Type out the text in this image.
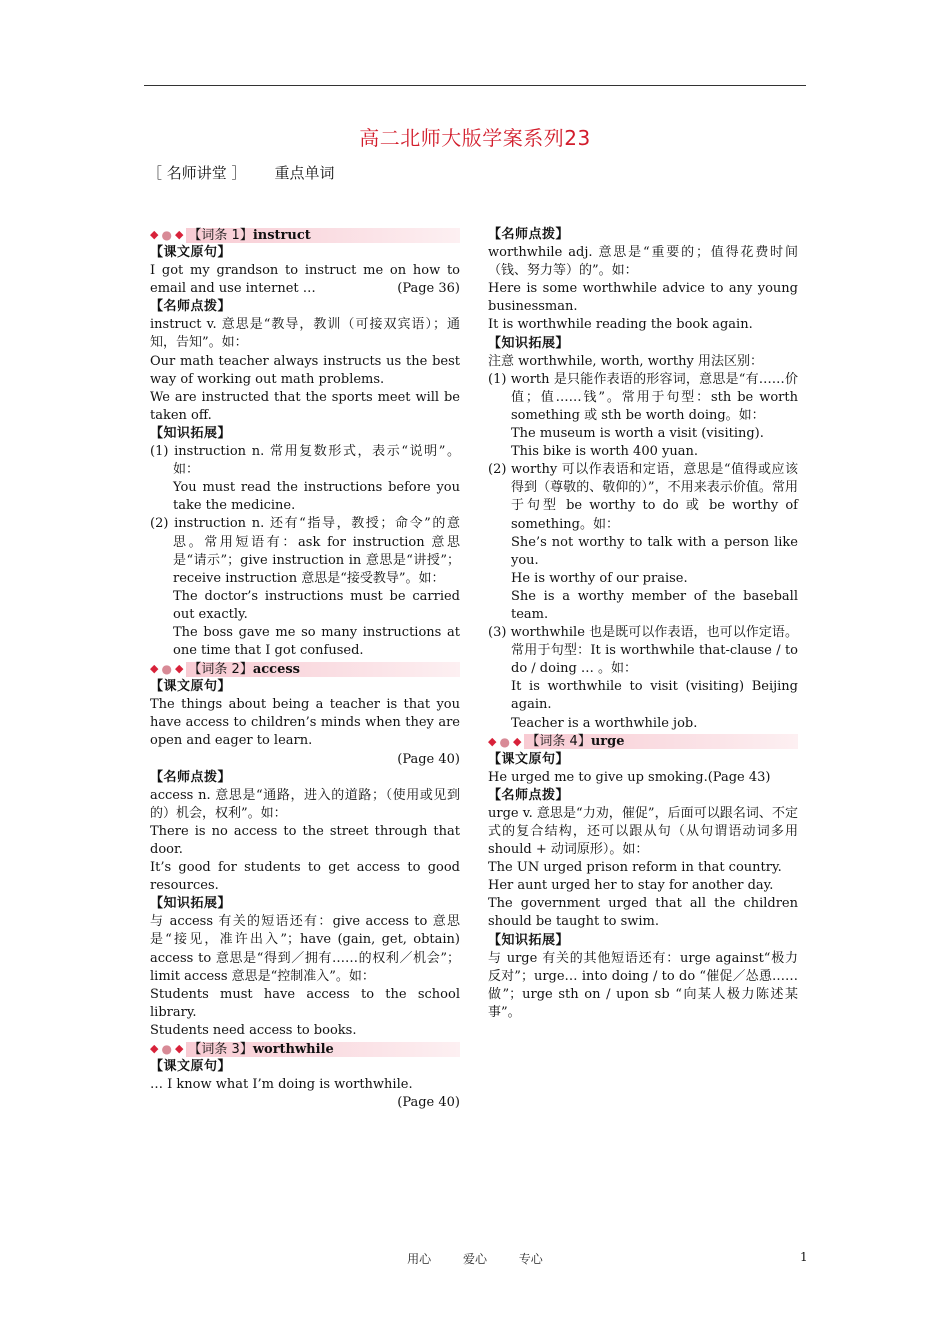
高二北师大版学案系列23
［ 名师讲堂 ］ 重点单词
◆ ● ◆ 【词条 1】instruct
【课文原句】

I got my grandson to instruct me on how to email and use internet …	(Page 36)

【名师点拨】

instruct v. 意思是“教导，教训（可接双宾语）；通知，告知”。如：

Our math teacher always instructs us the best way of working out math problems.

We are instructed that the sports meet will be taken off.

【知识拓展】

(1) instruction n. 常用复数形式，表示“说明”。如：

You must read the instructions before you take the medicine.

(2) instruction n. 还有“指导，教授；命令”的意思。常用短语有：ask for instruction 意思是“请示”；give instruction in 意思是“讲授”；receive instruction 意思是“接受教导”。如：

The doctor’s instructions must be carried out exactly.

The boss gave me so many instructions at one time that I got confused.

◆ ● ◆ 【词条 2】access
【课文原句】

The things about being a teacher is that you have access to children’s minds when they are open and eager to learn.

(Page 40)

【名师点拨】

access n. 意思是“通路，进入的道路；（使用或见到的）机会，权利”。如：

There is no access to the street through that door.

It’s good for students to get access to good resources.

【知识拓展】

与 access 有关的短语还有：give access to 意思是“接见，准许出入”；have (gain, get, obtain) access to 意思是“得到／拥有……的权利／机会”；limit access 意思是“控制准入”。如：

Students must have access to the school library.

Students need access to books.

◆ ● ◆ 【词条 3】worthwhile
【课文原句】

… I know what I’m doing is worthwhile.

(Page 40)

【名师点拨】

worthwhile adj. 意思是“重要的；值得花费时间（钱、努力等）的”。如：

Here is some worthwhile advice to any young businessman.

It is worthwhile reading the book again.

【知识拓展】

注意 worthwhile, worth, worthy 用法区别：

(1) worth 是只能作表语的形容词，意思是“有……价值；值……钱”。常用于句型：sth be worth something 或 sth be worth doing。如：

The museum is worth a visit (visiting).

This bike is worth 400 yuan.

(2) worthy 可以作表语和定语，意思是“值得或应该得到（尊敬的、敬仰的）”，不用来表示价值。常用于句型 be worthy to do 或 be worthy of something。如：

She’s not worthy to talk with a person like you.

He is worthy of our praise.

She is a worthy member of the baseball team.

(3) worthwhile 也是既可以作表语，也可以作定语。常用于句型：It is worthwhile that-clause / to do / doing … 。如：

It is worthwhile to visit (visiting) Beijing again.

Teacher is a worthwhile job.

◆ ● ◆ 【词条 4】urge
【课文原句】

He urged me to give up smoking.(Page 43)

【名师点拨】

urge v. 意思是“力劝，催促”，后面可以跟名词、不定式的复合结构，还可以跟从句（从句谓语动词多用 should + 动词原形）。如：

The UN urged prison reform in that country.

Her aunt urged her to stay for another day.

The government urged that all the children should be taught to swim.

【知识拓展】

与 urge 有关的其他短语还有：urge against“极力反对”；urge… into doing / to do “催促／怂恿……做”；urge sth on / upon sb “向某人极力陈述某事”。

用心 爱心 专心	1
